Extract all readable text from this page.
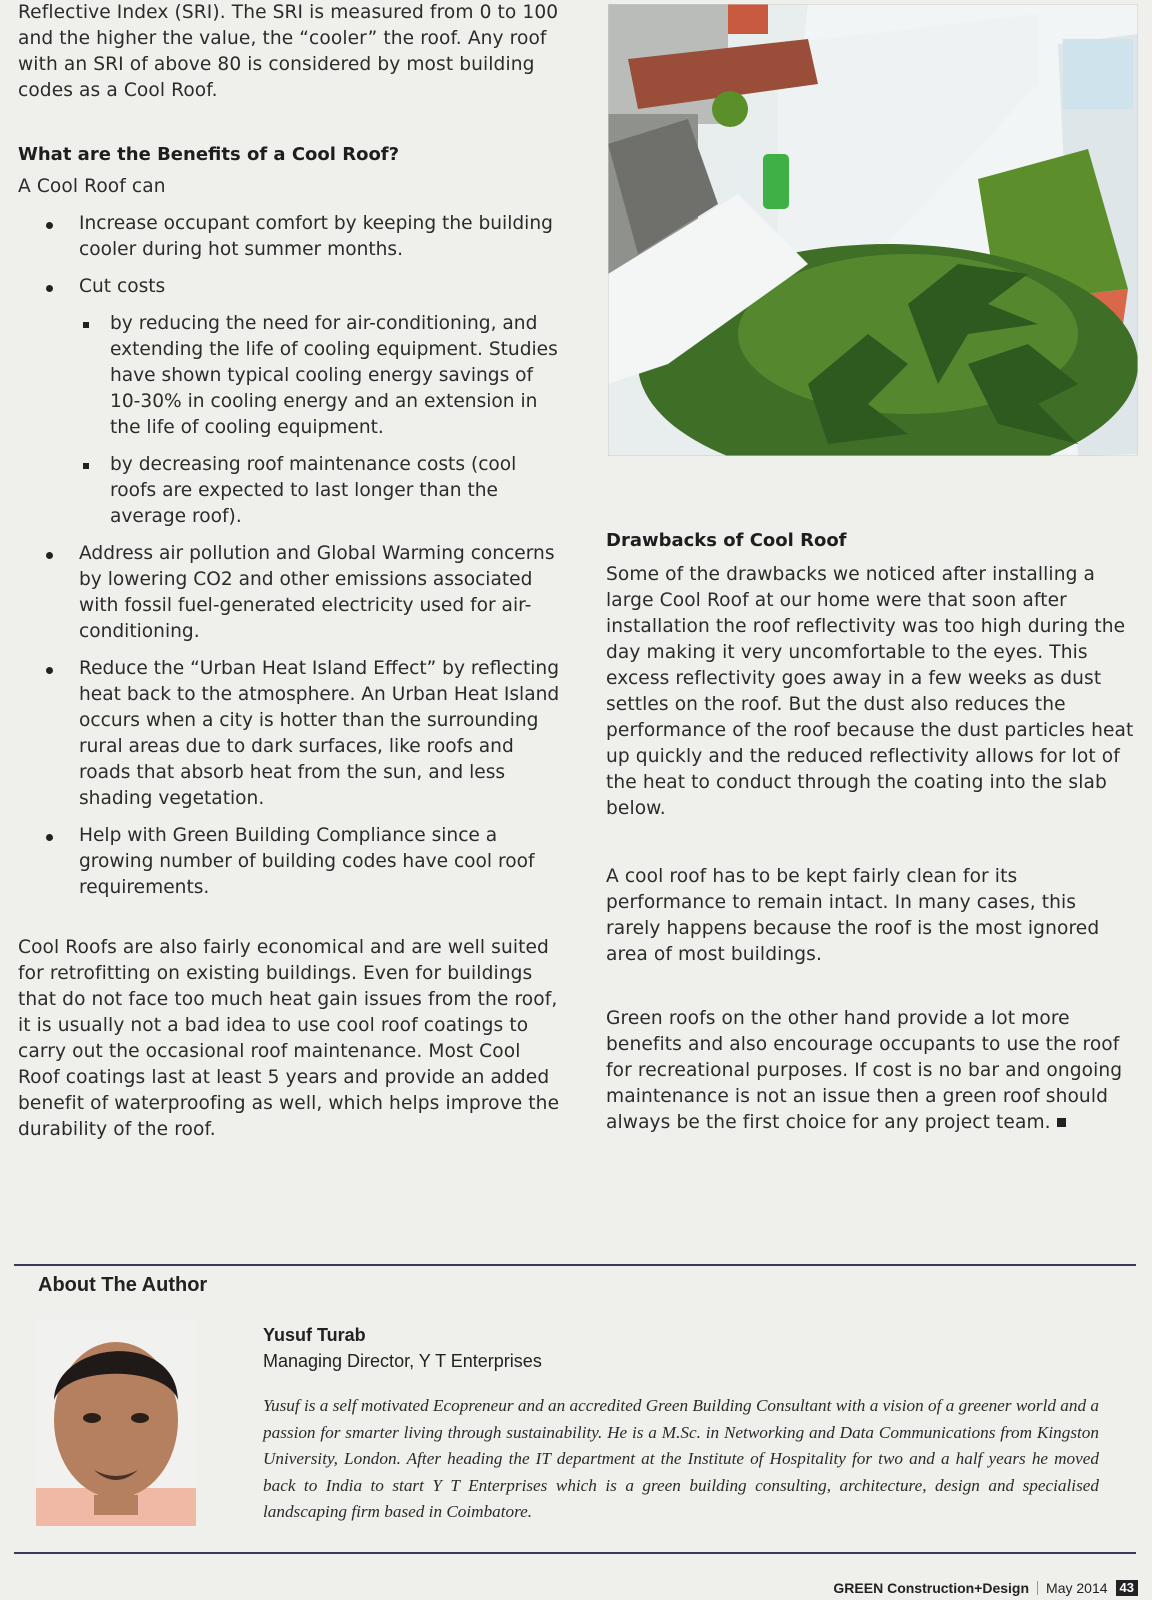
Reflective Index (SRI). The SRI is measured from 0 to 100 and the higher the value, the “cooler” the roof. Any roof with an SRI of above 80 is considered by most building codes as a Cool Roof.

What are the Benefits of a Cool Roof?

A Cool Roof can

Increase occupant comfort by keeping the building cooler during hot summer months.
Cut costs
by reducing the need for air-conditioning, and extending the life of cooling equipment. Studies have shown typical cooling energy savings of 10-30% in cooling energy and an extension in the life of cooling equipment.
by decreasing roof maintenance costs (cool roofs are expected to last longer than the average roof).
Address air pollution and Global Warming concerns by lowering CO2 and other emissions associated with fossil fuel-generated electricity used for air-conditioning.
Reduce the “Urban Heat Island Effect” by reflecting heat back to the atmosphere. An Urban Heat Island occurs when a city is hotter than the surrounding rural areas due to dark surfaces, like roofs and roads that absorb heat from the sun, and less shading vegetation.
Help with Green Building Compliance since a growing number of building codes have cool roof requirements.

Cool Roofs are also fairly economical and are well suited for retrofitting on existing buildings. Even for buildings that do not face too much heat gain issues from the roof, it is usually not a bad idea to use cool roof coatings to carry out the occasional roof maintenance. Most Cool Roof coatings last at least 5 years and provide an added benefit of waterproofing as well, which helps improve the durability of the roof.

Drawbacks of Cool Roof

Some of the drawbacks we noticed after installing a large Cool Roof at our home were that soon after installation the roof reflectivity was too high during the day making it very uncomfortable to the eyes. This excess reflectivity goes away in a few weeks as dust settles on the roof. But the dust also reduces the performance of the roof because the dust particles heat up quickly and the reduced reflectivity allows for lot of the heat to conduct through the coating into the slab below.

A cool roof has to be kept fairly clean for its performance to remain intact. In many cases, this rarely happens because the roof is the most ignored area of most buildings.

Green roofs on the other hand provide a lot more benefits and also encourage occupants to use the roof for recreational purposes. If cost is no bar and ongoing maintenance is not an issue then a green roof should always be the first choice for any project team.

About The Author
Yusuf Turab
Managing Director, Y T Enterprises

Yusuf is a self motivated Ecopreneur and an accredited Green Building Consultant with a vision of a greener world and a passion for smarter living through sustainability. He is a M.Sc. in Networking and Data Communications from Kingston University, London. After heading the IT department at the Institute of Hospitality for two and a half years he moved back to India to start Y T Enterprises which is a green building consulting, architecture, design and specialised landscaping firm based in Coimbatore.

GREEN Construction+Design May 2014 43
